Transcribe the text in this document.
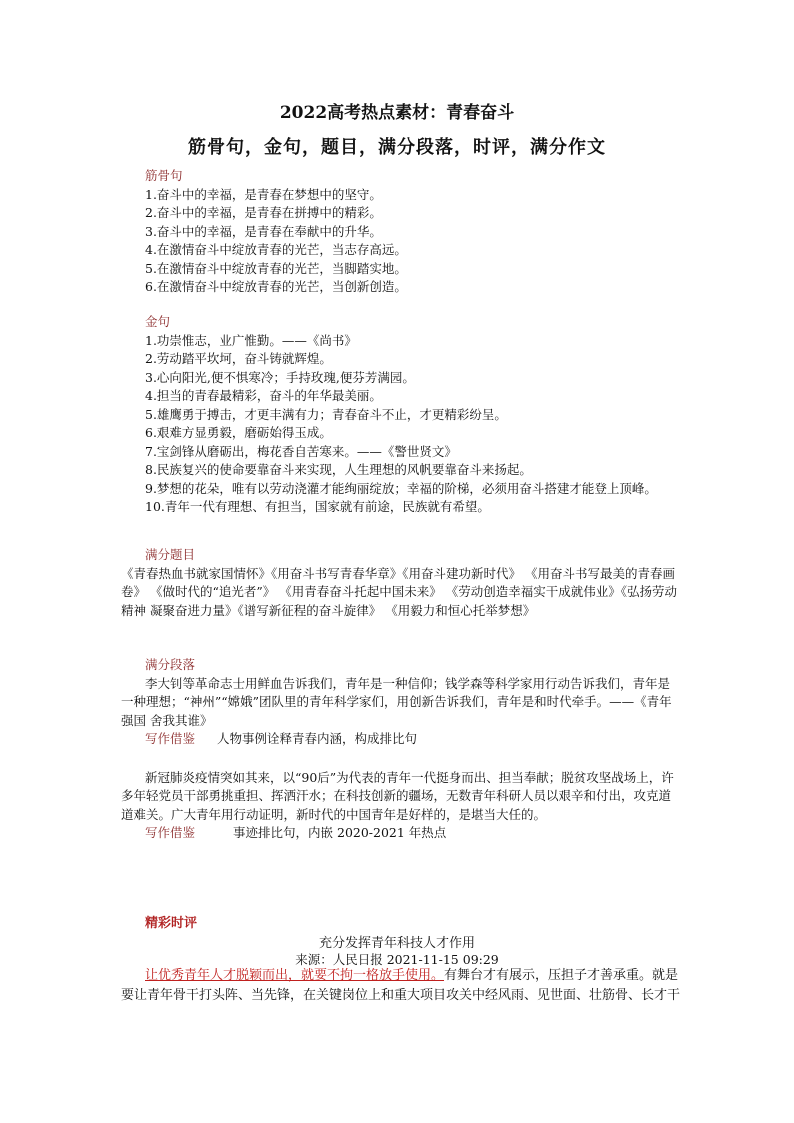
2022高考热点素材：青春奋斗
筋骨句，金句，题目，满分段落，时评，满分作文
筋骨句
1.奋斗中的幸福，是青春在梦想中的坚守。
2.奋斗中的幸福，是青春在拼搏中的精彩。
3.奋斗中的幸福，是青春在奉献中的升华。
4.在激情奋斗中绽放青春的光芒，当志存高远。
5.在激情奋斗中绽放青春的光芒，当脚踏实地。
6.在激情奋斗中绽放青春的光芒，当创新创造。
金句
1.功崇惟志，业广惟勤。——《尚书》
2.劳动踏平坎坷，奋斗铸就辉煌。
3.心向阳光,便不惧寒冷；手持玫瑰,便芬芳满园。
4.担当的青春最精彩，奋斗的年华最美丽。
5.雄鹰勇于搏击，才更丰满有力；青春奋斗不止，才更精彩纷呈。
6.艰难方显勇毅，磨砺始得玉成。
7.宝剑锋从磨砺出，梅花香自苦寒来。——《警世贤文》
8.民族复兴的使命要靠奋斗来实现，人生理想的风帆要靠奋斗来扬起。
9.梦想的花朵，唯有以劳动浇灌才能绚丽绽放；幸福的阶梯，必须用奋斗搭建才能登上顶峰。
10.青年一代有理想、有担当，国家就有前途，民族就有希望。
满分题目
《青春热血书就家国情怀》《用奋斗书写青春华章》《用奋斗建功新时代》 《用奋斗书写最美的青春画卷》 《做时代的“追光者”》 《用青春奋斗托起中国未来》 《劳动创造幸福实干成就伟业》《弘扬劳动精神 凝聚奋进力量》《谱写新征程的奋斗旋律》 《用毅力和恒心托举梦想》
满分段落
李大钊等革命志士用鲜血告诉我们，青年是一种信仰；钱学森等科学家用行动告诉我们，青年是一种理想；“神州”“嫦娥”团队里的青年科学家们，用创新告诉我们，青年是和时代牵手。——《青年强国 舍我其谁》
写作借鉴 人物事例诠释青春内涵，构成排比句
新冠肺炎疫情突如其来，以“90后”为代表的青年一代挺身而出、担当奉献；脱贫攻坚战场上，许多年轻党员干部勇挑重担、挥洒汗水；在科技创新的疆场，无数青年科研人员以艰辛和付出，攻克道道难关。广大青年用行动证明，新时代的中国青年是好样的，是堪当大任的。
写作借鉴	事迹排比句，内嵌 2020-2021 年热点
精彩时评
充分发挥青年科技人才作用
来源：人民日报 2021-11-15 09:29
让优秀青年人才脱颖而出，就要不拘一格放手使用。有舞台才有展示，压担子才善承重。就是要让青年骨干打头阵、当先锋，在关键岗位上和重大项目攻关中经风雨、见世面、壮筋骨、长才干
